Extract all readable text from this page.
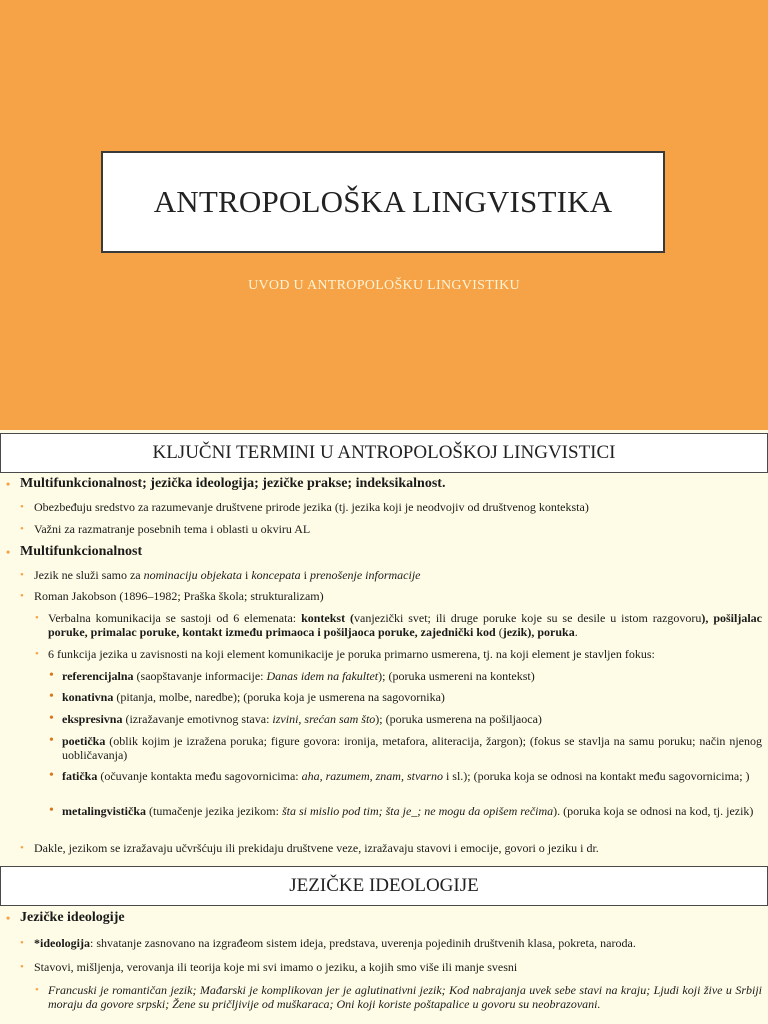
ANTROPOLOŠKA LINGVISTIKA
UVOD U ANTROPOLOŠKU LINGVISTIKU
KLJUČNI TERMINI U ANTROPOLOŠKOJ LINGVISTICI
• Multifunkcionalnost; jezička ideologija; jezičke prakse; indeksikalnost.
• Obezbeđuju sredstvo za razumevanje društvene prirode jezika (tj. jezika koji je neodvojiv od društvenog konteksta)
• Važni za razmatranje posebnih tema i oblasti u okviru AL
• Multifunkcionalnost
• Jezik ne služi samo za nominaciju objekata i koncepata i prenošenje informacije
• Roman Jakobson (1896–1982; Praška škola; strukturalizam)
• Verbalna komunikacija se sastoji od 6 elemenata: kontekst (vanjezički svet; ili druge poruke koje su se desile u istom razgovoru), pošiljalac poruke, primalac poruke, kontakt između primaoca i pošiljaoca poruke, zajednički kod (jezik), poruka.
• 6 funkcija jezika u zavisnosti na koji element komunikacije je poruka primarno usmerena, tj. na koji element je stavljen fokus:
• referencijalna (saopštavanje informacije: Danas idem na fakultet); (poruka usmereni na kontekst)
• konativna (pitanja, molbe, naredbe); (poruka koja je usmerena na sagovornika)
• ekspresivna (izražavanje emotivnog stava: izvini, srećan sam što); (poruka usmerena na pošiljaoca)
• poetička (oblik kojim je izražena poruka; figure govora: ironija, metafora, aliteracija, žargon); (fokus se stavlja na samu poruku; način njenog uobličavanja)
• fatička (očuvanje kontakta među sagovornicima: aha, razumem, znam, stvarno i sl.); (poruka koja se odnosi na kontakt među sagovornicima; )
• metalingvistička (tumačenje jezika jezikom: šta si mislio pod tim; šta je_; ne mogu da opišem rečima). (poruka koja se odnosi na kod, tj. jezik)
• Dakle, jezikom se izražavaju učvršćuju ili prekidaju društvene veze, izražavaju stavovi i emocije, govori o jeziku i dr.
JEZIČKE IDEOLOGIJE
• Jezičke ideologije
• *ideologija: shvatanje zasnovano na izgrađeom sistem ideja, predstava, uverenja pojedinih društvenih klasa, pokreta, naroda.
• Stavovi, mišljenja, verovanja ili teorija koje mi svi imamo o jeziku, a kojih smo više ili manje svesni
• Francuski je romantičan jezik; Mađarski je komplikovan jer je aglutinativni jezik; Kod nabrajanja uvek sebe stavi na kraju; Ljudi koji žive u Srbiji moraju da govore srpski; Žene su pričljivije od muškaraca; Oni koji koriste poštapalice u govoru su neobrazovani.
